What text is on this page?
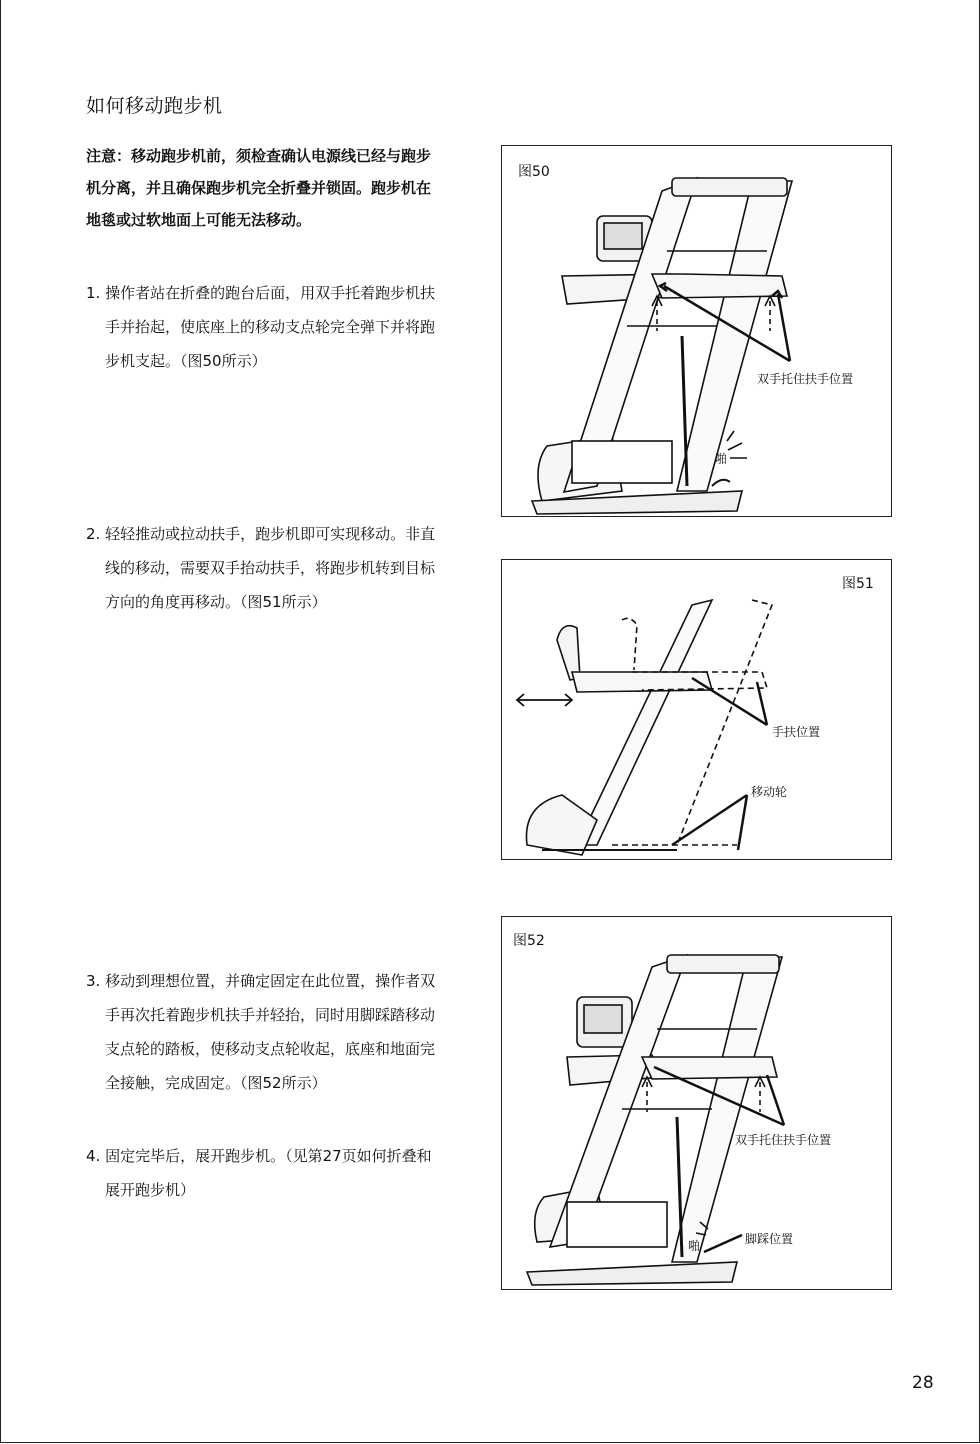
如何移动跑步机
注意：移动跑步机前，须检查确认电源线已经与跑步
机分离，并且确保跑步机完全折叠并锁固。跑步机在
地毯或过软地面上可能无法移动。
1. 操作者站在折叠的跑台后面，用双手托着跑步机扶
手并抬起，使底座上的移动支点轮完全弹下并将跑
步机支起。（图50所示）
2. 轻轻推动或拉动扶手，跑步机即可实现移动。非直
线的移动，需要双手抬动扶手，将跑步机转到目标
方向的角度再移动。（图51所示）
3. 移动到理想位置，并确定固定在此位置，操作者双
手再次托着跑步机扶手并轻抬，同时用脚踩踏移动
支点轮的踏板，使移动支点轮收起，底座和地面完
全接触，完成固定。（图52所示）
4. 固定完毕后，展开跑步机。（见第27页如何折叠和
展开跑步机）
图50
双手托住扶手位置
啪
图51
手扶位置
移动轮
图52
双手托住扶手位置
脚踩位置
啪
28
